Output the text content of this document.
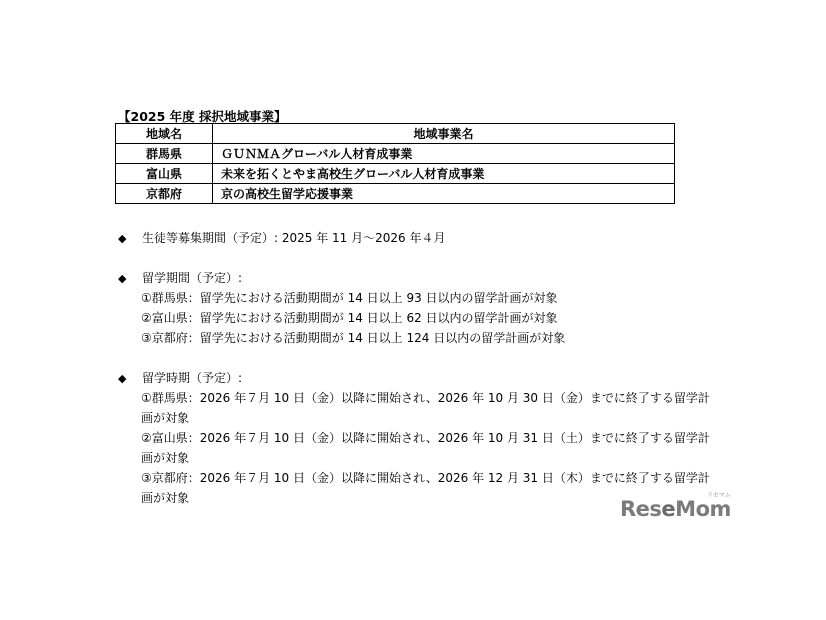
【2025 年度 採択地域事業】
地域名	地域事業名
群馬県	ＧＵＮＭＡグローバル人材育成事業
富山県	未来を拓くとやま高校生グローバル人材育成事業
京都府	京の高校生留学応援事業
◆ 生徒等募集期間（予定）: 2025 年 11 月～2026 年４月
◆ 留学期間（予定）:
①群馬県：留学先における活動期間が 14 日以上 93 日以内の留学計画が対象
②富山県：留学先における活動期間が 14 日以上 62 日以内の留学計画が対象
③京都府：留学先における活動期間が 14 日以上 124 日以内の留学計画が対象
◆ 留学時期（予定）:
①群馬県：2026 年７月 10 日（金）以降に開始され、2026 年 10 月 30 日（金）までに終了する留学計
画が対象
②富山県：2026 年７月 10 日（金）以降に開始され、2026 年 10 月 31 日（土）までに終了する留学計
画が対象
③京都府：2026 年７月 10 日（金）以降に開始され、2026 年 12 月 31 日（木）までに終了する留学計
画が対象	ReseMom
リセマム
